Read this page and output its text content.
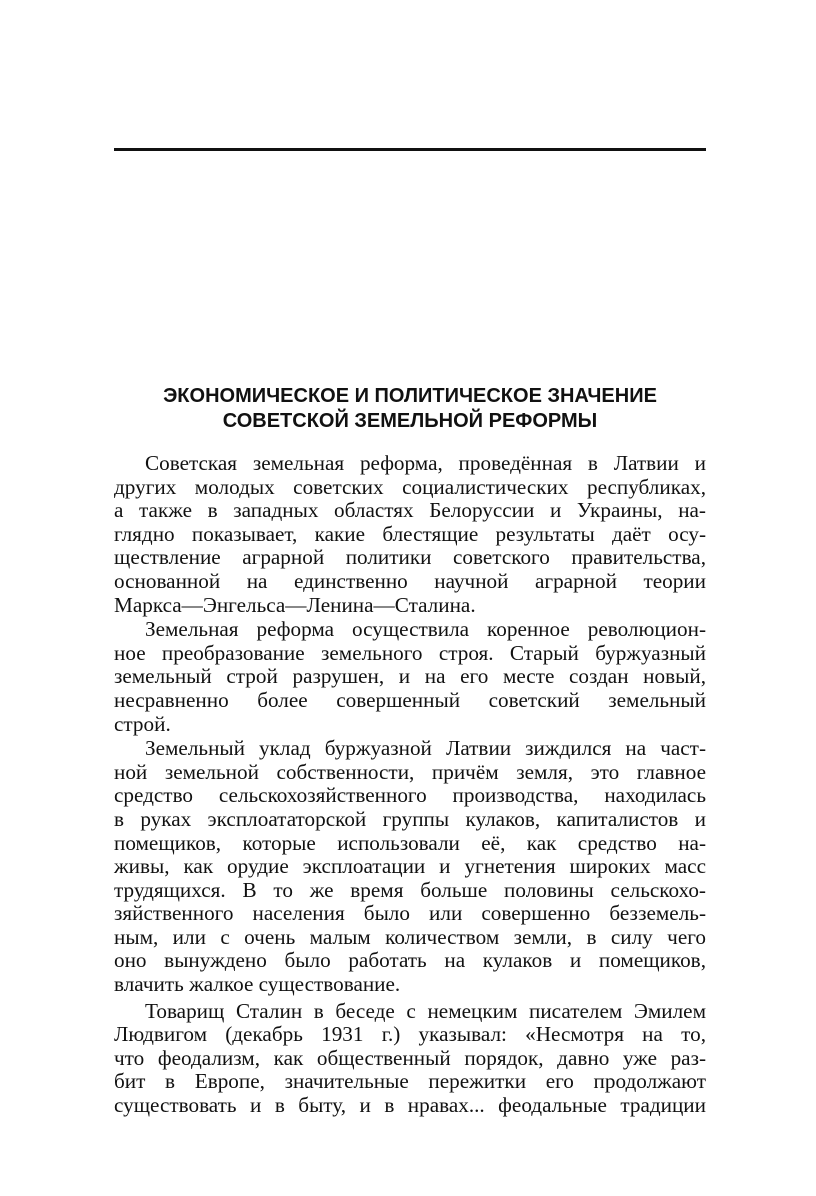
ЭКОНОМИЧЕСКОЕ И ПОЛИТИЧЕСКОЕ ЗНАЧЕНИЕ
СОВЕТСКОЙ ЗЕМЕЛЬНОЙ РЕФОРМЫ
Советская земельная реформа, проведённая в Латвии и
других молодых советских социалистических республиках,
а также в западных областях Белоруссии и Украины, на-
глядно показывает, какие блестящие результаты даёт осу-
ществление аграрной политики советского правительства,
основанной на единственно научной аграрной теории
Маркса—Энгельса—Ленина—Сталина.
Земельная реформа осуществила коренное революцион-
ное преобразование земельного строя. Старый буржуазный
земельный строй разрушен, и на его месте создан новый,
несравненно более совершенный советский земельный
строй.
Земельный уклад буржуазной Латвии зиждился на част-
ной земельной собственности, причём земля, это главное
средство сельскохозяйственного производства, находилась
в руках эксплоататорской группы кулаков, капиталистов и
помещиков, которые использовали её, как средство на-
живы, как орудие эксплоатации и угнетения широких масс
трудящихся. В то же время больше половины сельскохо-
зяйственного населения было или совершенно безземель-
ным, или с очень малым количеством земли, в силу чего
оно вынуждено было работать на кулаков и помещиков,
влачить жалкое существование.
Товарищ Сталин в беседе с немецким писателем Эмилем
Людвигом (декабрь 1931 г.) указывал: «Несмотря на то,
что феодализм, как общественный порядок, давно уже раз-
бит в Европе, значительные пережитки его продолжают
существовать и в быту, и в нравах... феодальные традиции
